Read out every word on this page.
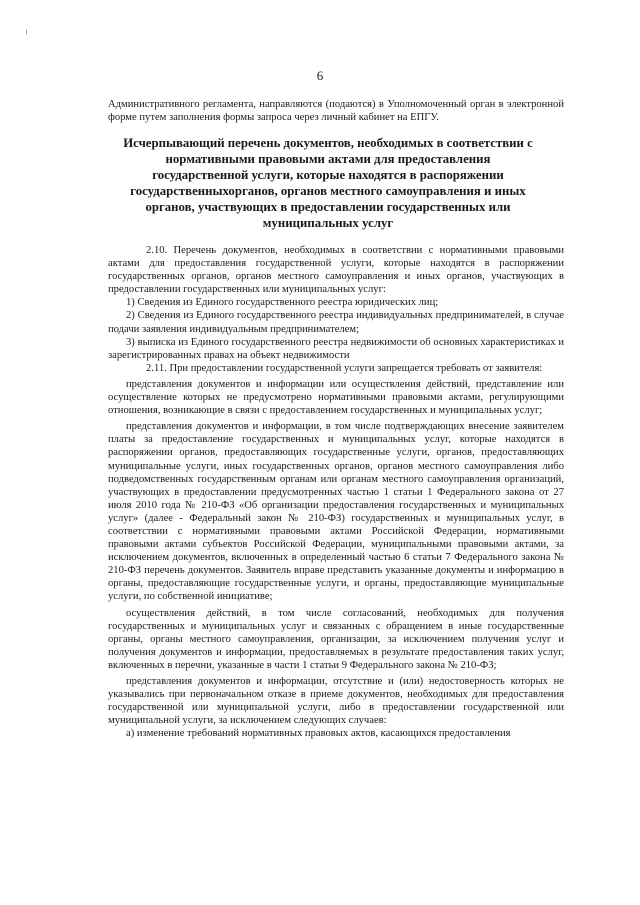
6
Административного регламента, направляются (подаются) в Уполномоченный орган в электронной форме путем заполнения формы запроса через личный кабинет на ЕПГУ.
Исчерпывающий перечень документов, необходимых в соответствии с нормативными правовыми актами для предоставления государственной услуги, которые находятся в распоряжении государственныхорганов, органов местного самоуправления и иных органов, участвующих в предоставлении государственных или муниципальных услуг

2.10. Перечень документов, необходимых в соответствии с нормативными правовыми актами для предоставления государственной услуги, которые находятся в распоряжении государственных органов, органов местного самоуправления и иных органов, участвующих в предоставлении государственных или муниципальных услуг:

1) Сведения из Единого государственного реестра юридических лиц;

2) Сведения из Единого государственного реестра индивидуальных предпринимателей, в случае подачи заявления индивидуальным предпринимателем;

3) выписка из Единого государственного реестра недвижимости об основных характеристиках и зарегистрированных правах на объект недвижимости

2.11. При предоставлении государственной услуги запрещается требовать от заявителя:

представления документов и информации или осуществления действий, представление или осуществление которых не предусмотрено нормативными правовыми актами, регулирующими отношения, возникающие в связи с предоставлением государственных и муниципальных услуг;

представления документов и информации, в том числе подтверждающих внесение заявителем платы за предоставление государственных и муниципальных услуг, которые находятся в распоряжении органов, предоставляющих государственные услуги, органов, предоставляющих муниципальные услуги, иных государственных органов, органов местного самоуправления либо подведомственных государственным органам или органам местного самоуправления организаций, участвующих в предоставлении предусмотренных частью 1 статьи 1 Федерального закона от 27 июля 2010 года № 210-ФЗ «Об организации предоставления государственных и муниципальных услуг» (далее - Федеральный закон № 210-ФЗ) государственных и муниципальных услуг, в соответствии с нормативными правовыми актами Российской Федерации, нормативными правовыми актами субъектов Российской Федерации, муниципальными правовыми актами, за исключением документов, включенных в определенный частью 6 статьи 7 Федерального закона № 210-ФЗ перечень документов. Заявитель вправе представить указанные документы и информацию в органы, предоставляющие государственные услуги, и органы, предоставляющие муниципальные услуги, по собственной инициативе;

осуществления действий, в том числе согласований, необходимых для получения государственных и муниципальных услуг и связанных с обращением в иные государственные органы, органы местного самоуправления, организации, за исключением получения услуг и получения документов и информации, предоставляемых в результате предоставления таких услуг, включенных в перечни, указанные в части 1 статьи 9 Федерального закона № 210-ФЗ;

представления документов и информации, отсутствие и (или) недостоверность которых не указывались при первоначальном отказе в приеме документов, необходимых для предоставления государственной или муниципальной услуги, либо в предоставлении государственной или муниципальной услуги, за исключением следующих случаев:

а) изменение требований нормативных правовых актов, касающихся предоставления
